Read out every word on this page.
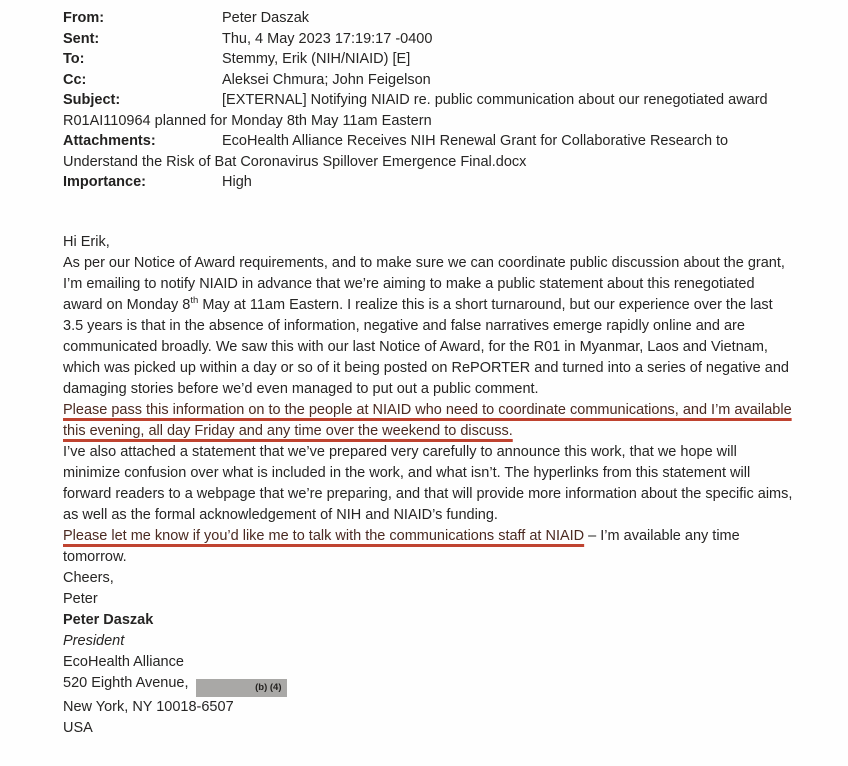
From:	Peter Daszak
Sent:	Thu, 4 May 2023 17:19:17 -0400
To:	Stemmy, Erik (NIH/NIAID) [E]
Cc:	Aleksei Chmura; John Feigelson
Subject:	[EXTERNAL] Notifying NIAID re. public communication about our renegotiated award R01AI110964 planned for Monday 8th May 11am Eastern
Attachments:	EcoHealth Alliance Receives NIH Renewal Grant for Collaborative Research to Understand the Risk of Bat Coronavirus Spillover Emergence Final.docx
Importance:	High
Hi Erik,
As per our Notice of Award requirements, and to make sure we can coordinate public discussion about the grant, I’m emailing to notify NIAID in advance that we’re aiming to make a public statement about this renegotiated award on Monday 8th May at 11am Eastern. I realize this is a short turnaround, but our experience over the last 3.5 years is that in the absence of information, negative and false narratives emerge rapidly online and are communicated broadly. We saw this with our last Notice of Award, for the R01 in Myanmar, Laos and Vietnam, which was picked up within a day or so of it being posted on RePORTER and turned into a series of negative and damaging stories before we’d even managed to put out a public comment.
Please pass this information on to the people at NIAID who need to coordinate communications, and I’m available this evening, all day Friday and any time over the weekend to discuss.
I’ve also attached a statement that we’ve prepared very carefully to announce this work, that we hope will minimize confusion over what is included in the work, and what isn’t. The hyperlinks from this statement will forward readers to a webpage that we’re preparing, and that will provide more information about the specific aims, as well as the formal acknowledgement of NIH and NIAID’s funding.
Please let me know if you’d like me to talk with the communications staff at NIAID – I’m available any time tomorrow.
Cheers,
Peter
Peter Daszak
President
EcoHealth Alliance
520 Eighth Avenue,	(b) (4)
New York, NY 10018-6507
USA
